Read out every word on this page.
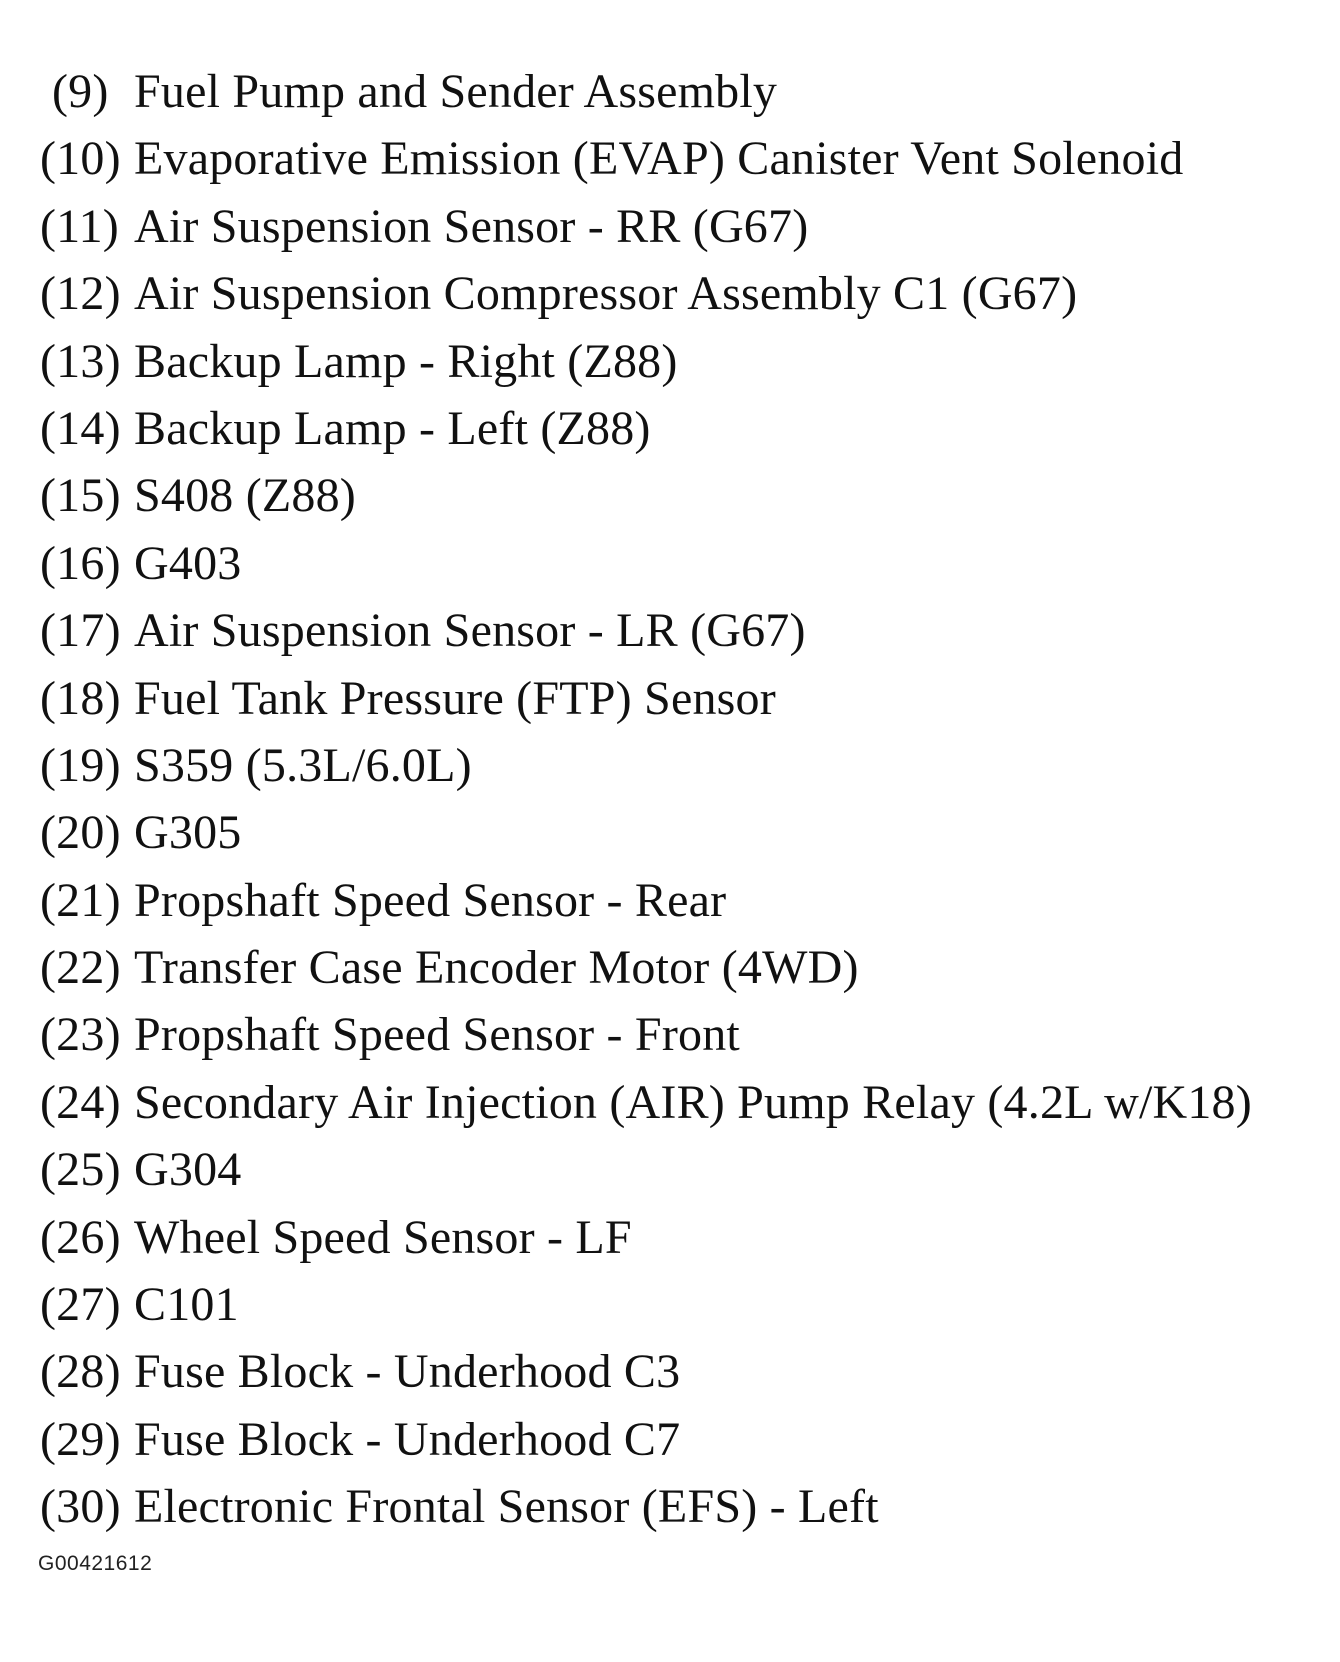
(9) Fuel Pump and Sender Assembly
(10) Evaporative Emission (EVAP) Canister Vent Solenoid
(11) Air Suspension Sensor - RR (G67)
(12) Air Suspension Compressor Assembly C1 (G67)
(13) Backup Lamp - Right (Z88)
(14) Backup Lamp - Left (Z88)
(15) S408 (Z88)
(16) G403
(17) Air Suspension Sensor - LR (G67)
(18) Fuel Tank Pressure (FTP) Sensor
(19) S359 (5.3L/6.0L)
(20) G305
(21) Propshaft Speed Sensor - Rear
(22) Transfer Case Encoder Motor (4WD)
(23) Propshaft Speed Sensor - Front
(24) Secondary Air Injection (AIR) Pump Relay (4.2L w/K18)
(25) G304
(26) Wheel Speed Sensor - LF
(27) C101
(28) Fuse Block - Underhood C3
(29) Fuse Block - Underhood C7
(30) Electronic Frontal Sensor (EFS) - Left
G00421612
